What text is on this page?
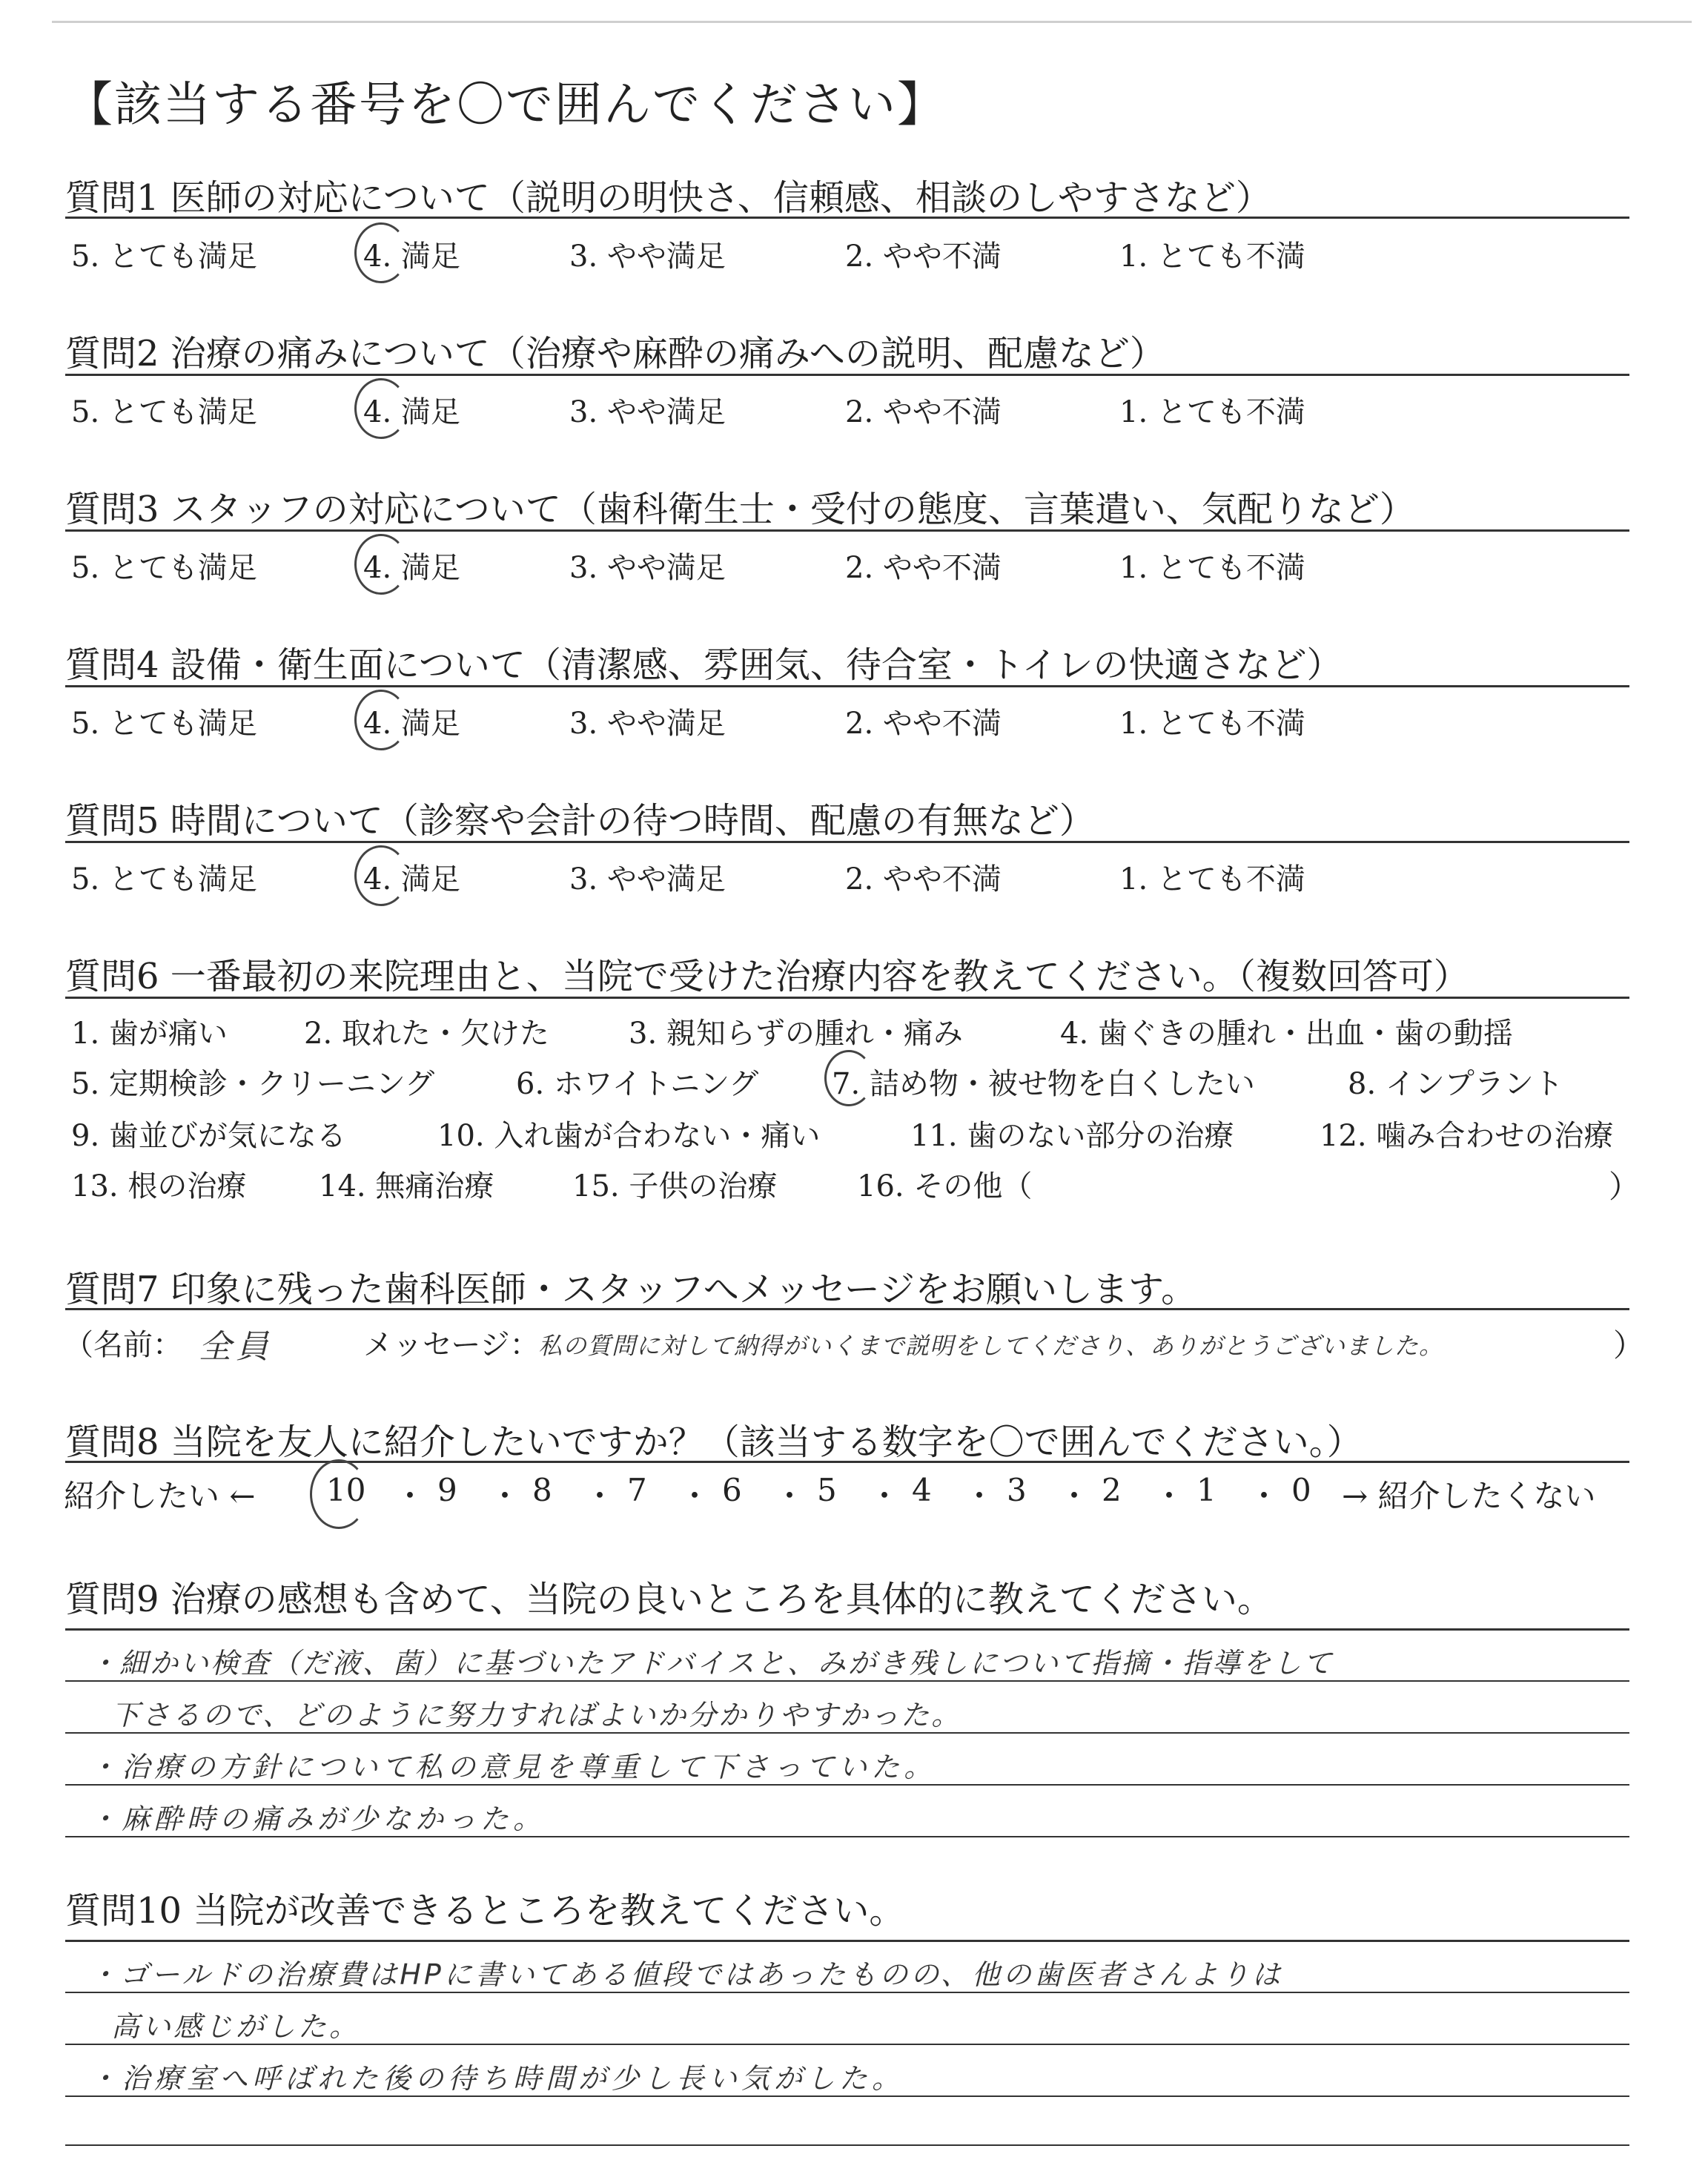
【該当する番号を〇で囲んでください】
質問1 医師の対応について（説明の明快さ、信頼感、相談のしやすさなど）
5. とても満足	4. 満足	3. やや満足	2. やや不満	1. とても不満
質問2 治療の痛みについて（治療や麻酔の痛みへの説明、配慮など）
5. とても満足	4. 満足	3. やや満足	2. やや不満	1. とても不満
質問3 スタッフの対応について（歯科衛生士・受付の態度、言葉遣い、気配りなど）
5. とても満足	4. 満足	3. やや満足	2. やや不満	1. とても不満
質問4 設備・衛生面について（清潔感、雰囲気、待合室・トイレの快適さなど）
5. とても満足	4. 満足	3. やや満足	2. やや不満	1. とても不満
質問5 時間について（診察や会計の待つ時間、配慮の有無など）
5. とても満足	4. 満足	3. やや満足	2. やや不満	1. とても不満
質問6 一番最初の来院理由と、当院で受けた治療内容を教えてください。（複数回答可）
1. 歯が痛い	2. 取れた・欠けた	3. 親知らずの腫れ・痛み	4. 歯ぐきの腫れ・出血・歯の動揺
5. 定期検診・クリーニング	6. ホワイトニング 7. 詰め物・被せ物を白くしたい	8. インプラント
9. 歯並びが気になる	10. 入れ歯が合わない・痛い	11. 歯のない部分の治療	12. 噛み合わせの治療
13. 根の治療 14. 無痛治療	15. 子供の治療	16. その他（	）
質問7 印象に残った歯科医師・スタッフへメッセージをお願いします。
（名前： 全員	メッセージ：
私の質問に対して納得がいくまで説明をしてくださり、ありがとうございました。	）
質問8 当院を友人に紹介したいですか？（該当する数字を〇で囲んでください。）
紹介したい ← 10 ・ 9 ・ 8 ・ 7 ・ 6 ・ 5 ・ 4 ・ 3 ・ 2 ・ 1 ・ 0 → 紹介したくない
質問9 治療の感想も含めて、当院の良いところを具体的に教えてください。
・細かい検査（だ液、菌）に基づいたアドバイスと、みがき残しについて指摘・指導をして
下さるので、どのように努力すればよいか分かりやすかった。
・治療の方針について私の意見を尊重して下さっていた。
・麻酔時の痛みが少なかった。
質問10 当院が改善できるところを教えてください。
・ゴールドの治療費はHPに書いてある値段ではあったものの、他の歯医者さんよりは
高い感じがした。
・治療室へ呼ばれた後の待ち時間が少し長い気がした。
